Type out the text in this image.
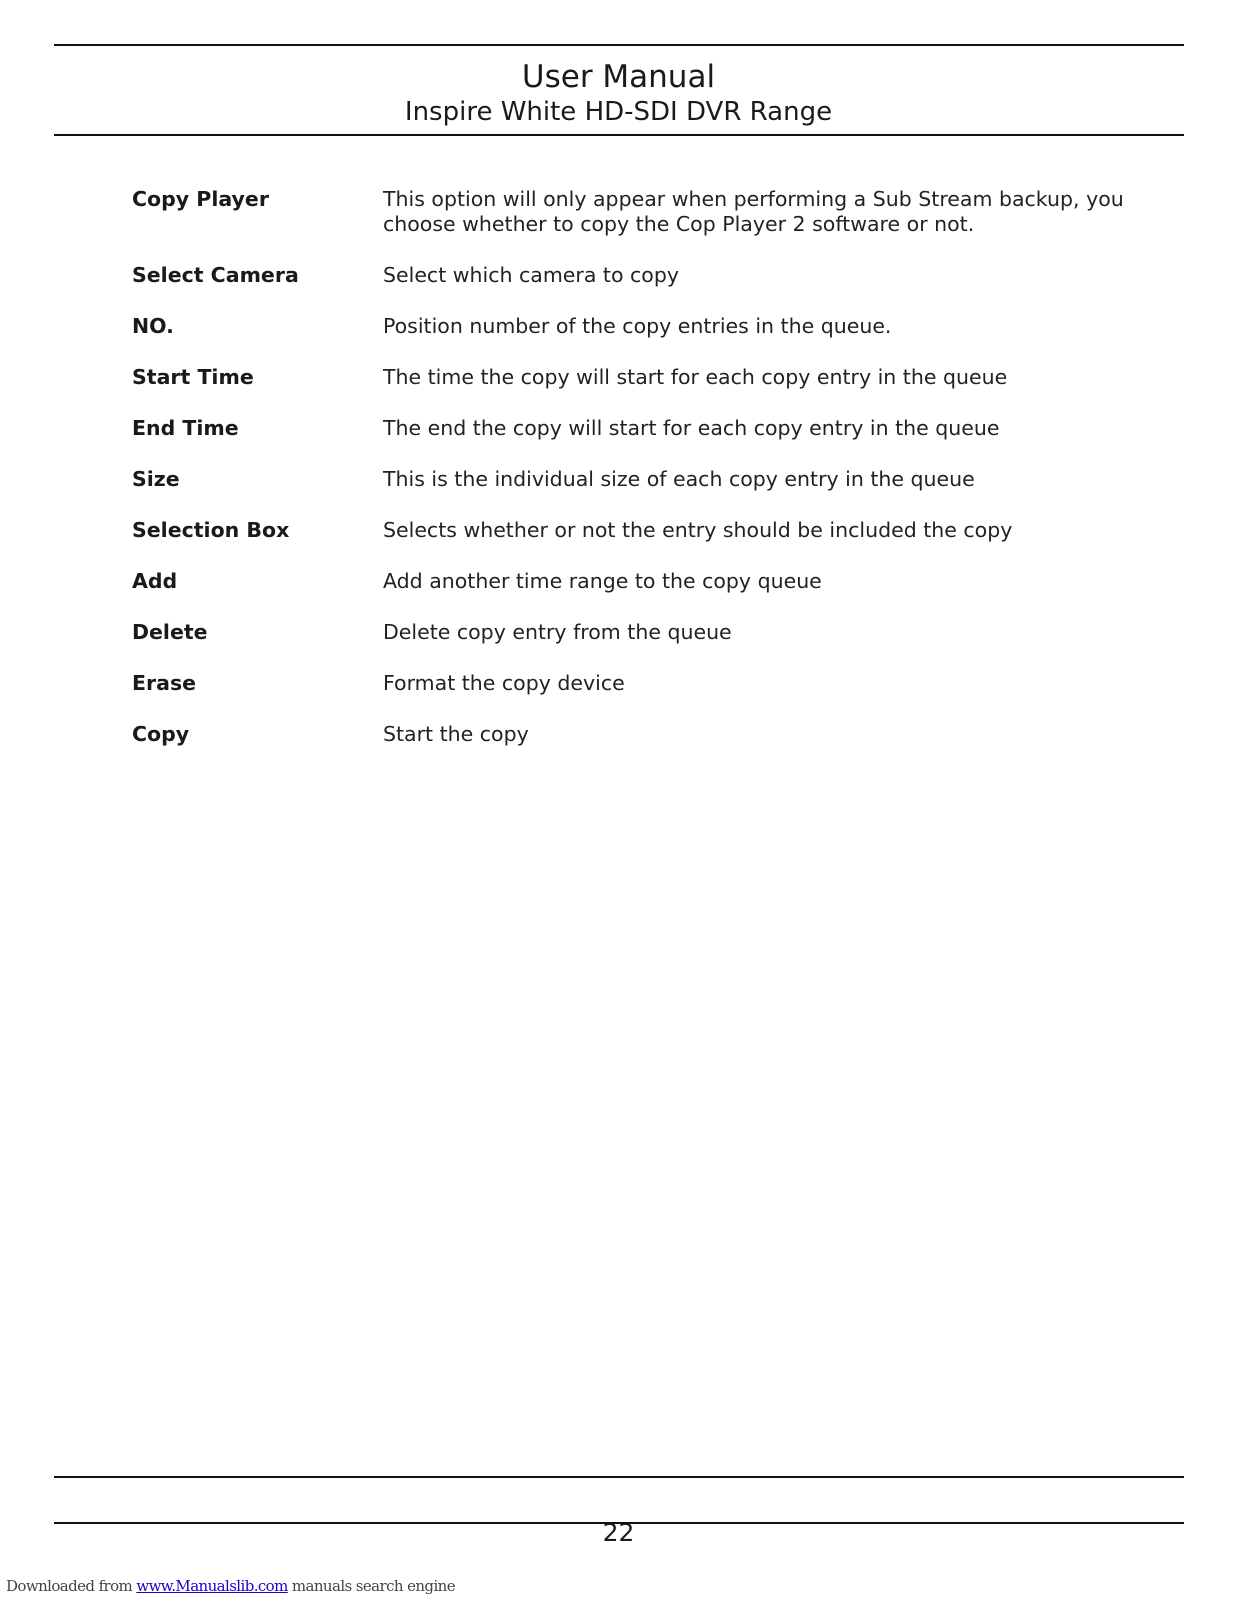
User Manual
Inspire White HD-SDI DVR Range
Copy Player	This option will only appear when performing a Sub Stream backup, you choose whether to copy the Cop Player 2 software or not.
Select Camera	Select which camera to copy
NO.	Position number of the copy entries in the queue.
Start Time	The time the copy will start for each copy entry in the queue
End Time	The end the copy will start for each copy entry in the queue
Size	This is the individual size of each copy entry in the queue
Selection Box	Selects whether or not the entry should be included the copy
Add	Add another time range to the copy queue
Delete	Delete copy entry from the queue
Erase	Format the copy device
Copy	Start the copy
22
Downloaded from www.Manualslib.com manuals search engine
